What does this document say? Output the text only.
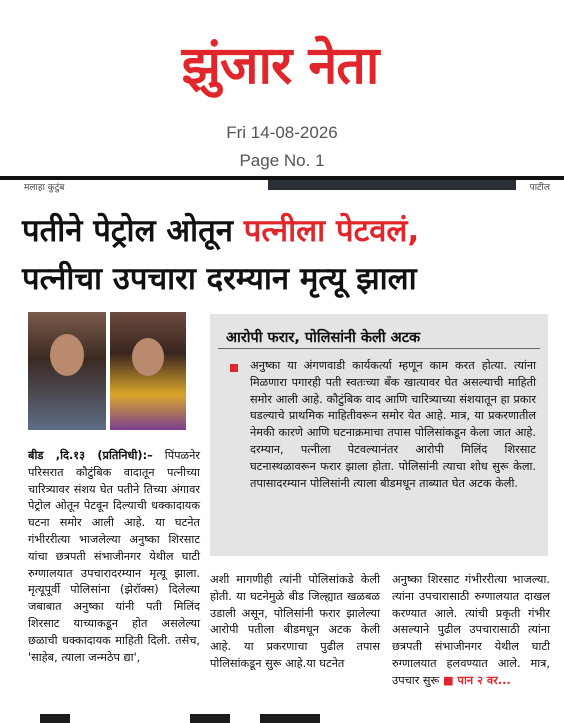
झुंजार नेता
Fri 14-08-2026
Page No. 1
मलाहा कुटुंब	पाटील
पतीने पेट्रोल ओतून पत्नीला पेटवलं,
पत्नीचा उपचारा दरम्यान मृत्यू झाला

बीड ,दि.१३ (प्रतिनिधी):– पिंपळनेर परिसरात कौटुंबिक वादातून पत्नीच्या चारित्र्यावर संशय घेत पतीने तिच्या अंगावर पेट्रोल ओतून पेटवून दिल्याची धक्कादायक घटना समोर आली आहे. या घटनेत गंभीररीत्या भाजलेल्या अनुष्का शिरसाट यांचा छत्रपती संभाजीनगर येथील घाटी रुग्णालयात उपचारादरम्यान मृत्यू झाला. मृत्यूपूर्वी पोलिसांना (झेरॉक्स) दिलेल्या जबाबात अनुष्का यांनी पती मिलिंद शिरसाट याच्याकडून होत असलेल्या छळाची धक्कादायक माहिती दिली. तसेच, 'साहेब, त्याला जन्मठेप द्या',

आरोपी फरार, पोलिसांनी केली अटक
अनुष्का या अंगणवाडी कार्यकर्त्या म्हणून काम करत होत्या. त्यांना मिळणारा पगारही पती स्वतःच्या बँक खात्यावर घेत असल्याची माहिती समोर आली आहे. कौटुंबिक वाद आणि चारित्र्याच्या संशयातून हा प्रकार घडल्याचे प्राथमिक माहितीवरून समोर येत आहे. मात्र, या प्रकरणातील नेमकी कारणे आणि घटनाक्रमाचा तपास पोलिसांकडून केला जात आहे. दरम्यान, पत्नीला पेटवल्यानंतर आरोपी मिलिंद शिरसाट घटनास्थळावरून फरार झाला होता. पोलिसांनी त्याचा शोध सुरू केला. तपासादरम्यान पोलिसांनी त्याला बीडमधून ताब्यात घेत अटक केली.

अशी मागणीही त्यांनी पोलिसांकडे केली होती. या घटनेमुळे बीड जिल्ह्यात खळबळ उडाली असून, पोलिसांनी फरार झालेल्या आरोपी पतीला बीडमधून अटक केली आहे. या प्रकरणाचा पुढील तपास पोलिसांकडून सुरू आहे.या घटनेत

अनुष्का शिरसाट गंभीररीत्या भाजल्या. त्यांना उपचारासाठी रुग्णालयात दाखल करण्यात आले. त्यांची प्रकृती गंभीर असल्याने पुढील उपचारासाठी त्यांना छत्रपती संभाजीनगर येथील घाटी रुग्णालयात हलवण्यात आले. मात्र, उपचार सुरू ■ पान २ वर...
